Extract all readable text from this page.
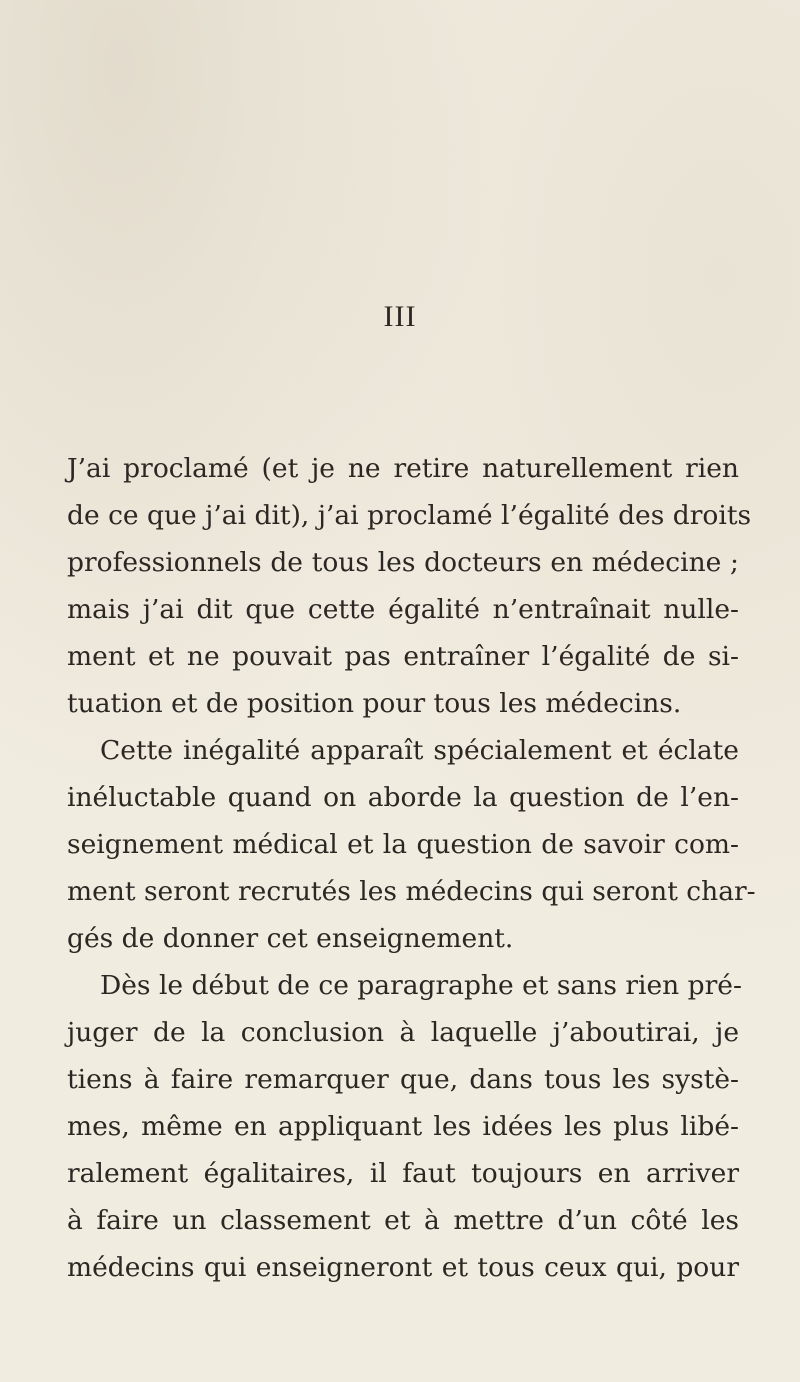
III
J’ai proclamé (et je ne retire naturellement rien
de ce que j’ai dit), j’ai proclamé l’égalité des droits
professionnels de tous les docteurs en médecine ;
mais j’ai dit que cette égalité n’entraînait nulle-
ment et ne pouvait pas entraîner l’égalité de si-
tuation et de position pour tous les médecins.
Cette inégalité apparaît spécialement et éclate
inéluctable quand on aborde la question de l’en-
seignement médical et la question de savoir com-
ment seront recrutés les médecins qui seront char-
gés de donner cet enseignement.
Dès le début de ce paragraphe et sans rien pré-
juger de la conclusion à laquelle j’aboutirai, je
tiens à faire remarquer que, dans tous les systè-
mes, même en appliquant les idées les plus libé-
ralement égalitaires, il faut toujours en arriver
à faire un classement et à mettre d’un côté les
médecins qui enseigneront et tous ceux qui, pour
